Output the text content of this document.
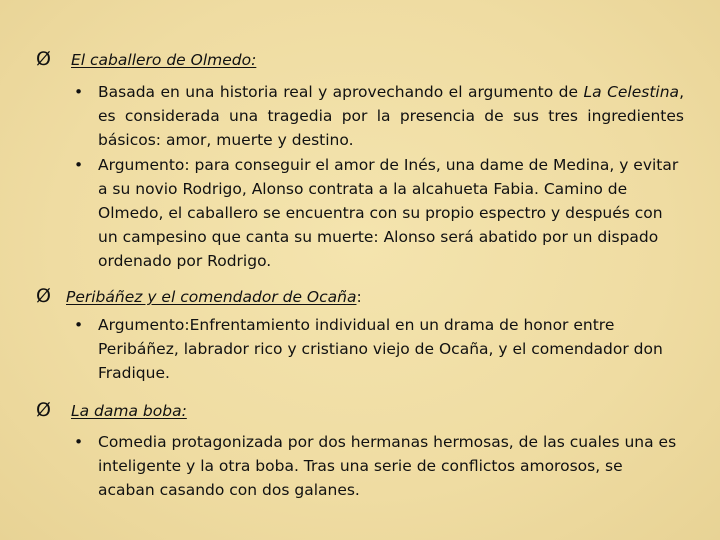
Ø	El caballero de Olmedo:
• Basada en una historia real y aprovechando el argumento de La Celestina, es considerada una tragedia por la presencia de sus tres ingredientes básicos: amor, muerte y destino.
• Argumento: para conseguir el amor de Inés, una dame de Medina, y evitar a su novio Rodrigo, Alonso contrata a la alcahueta Fabia. Camino de Olmedo, el caballero se encuentra con su propio espectro y después con un campesino que canta su muerte: Alonso será abatido por un dispado ordenado por Rodrigo.
Ø Peribáñez y el comendador de Ocaña:
• Argumento:Enfrentamiento individual en un drama de honor entre Peribáñez, labrador rico y cristiano viejo de Ocaña, y el comendador don Fradique.
Ø	La dama boba:
• Comedia protagonizada por dos hermanas hermosas, de las cuales una es inteligente y la otra boba. Tras una serie de conflictos amorosos, se acaban casando con dos galanes.
